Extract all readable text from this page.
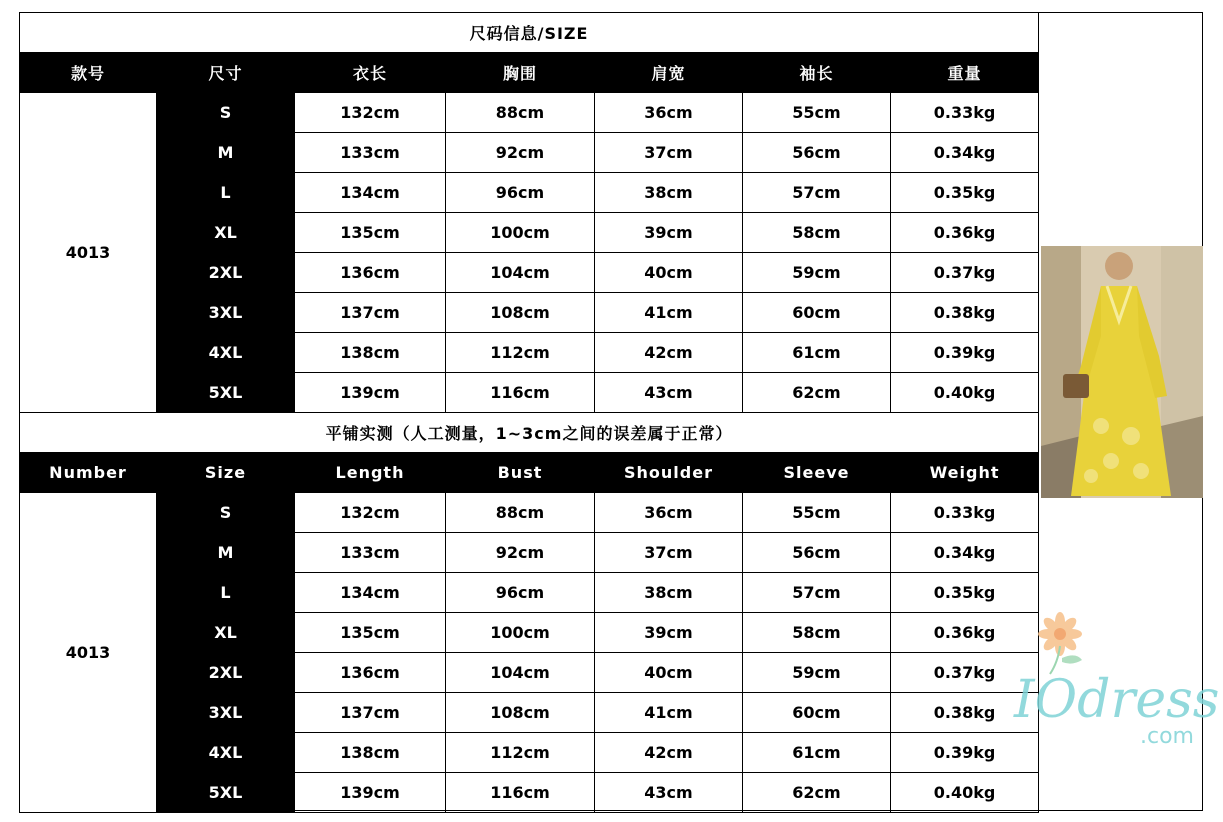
尺码信息/SIZE						
款号	尺寸	衣长	胸围	肩宽	袖长	重量
4013	S	132cm	88cm	36cm	55cm	0.33kg
	M	133cm	92cm	37cm	56cm	0.34kg
	L	134cm	96cm	38cm	57cm	0.35kg
	XL	135cm	100cm	39cm	58cm	0.36kg
	2XL	136cm	104cm	40cm	59cm	0.37kg
	3XL	137cm	108cm	41cm	60cm	0.38kg
	4XL	138cm	112cm	42cm	61cm	0.39kg
	5XL	139cm	116cm	43cm	62cm	0.40kg
平铺实测（人工测量，1~3cm之间的误差属于正常）						
Number	Size	Length	Bust	Shoulder	Sleeve	Weight
4013	S	132cm	88cm	36cm	55cm	0.33kg
	M	133cm	92cm	37cm	56cm	0.34kg
	L	134cm	96cm	38cm	57cm	0.35kg
	XL	135cm	100cm	39cm	58cm	0.36kg
	2XL	136cm	104cm	40cm	59cm	0.37kg
	3XL	137cm	108cm	41cm	60cm	0.38kg
	4XL	138cm	112cm	42cm	61cm	0.39kg
	5XL	139cm	116cm	43cm	62cm	0.40kg
IOdress
.com
